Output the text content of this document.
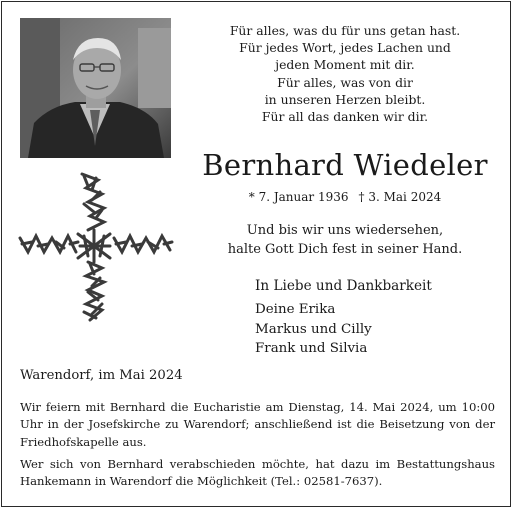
Für alles, was du für uns getan hast.
Für jedes Wort, jedes Lachen und
jeden Moment mit dir.
Für alles, was von dir
in unseren Herzen bleibt.
Für all das danken wir dir.
Bernhard Wiedeler
* 7. Januar 1936 † 3. Mai 2024
Und bis wir uns wiedersehen,
halte Gott Dich fest in seiner Hand.
In Liebe und Dankbarkeit
Deine Erika
Markus und Cilly
Frank und Silvia
Warendorf, im Mai 2024

Wir feiern mit Bernhard die Eucharistie am Dienstag, 14. Mai 2024, um 10:00 Uhr in der Josefskirche zu Warendorf; anschließend ist die Beisetzung von der Friedhofskapelle aus.

Wer sich von Bernhard verabschieden möchte, hat dazu im Bestattungshaus Hankemann in Warendorf die Möglichkeit (Tel.: 02581-7637).
